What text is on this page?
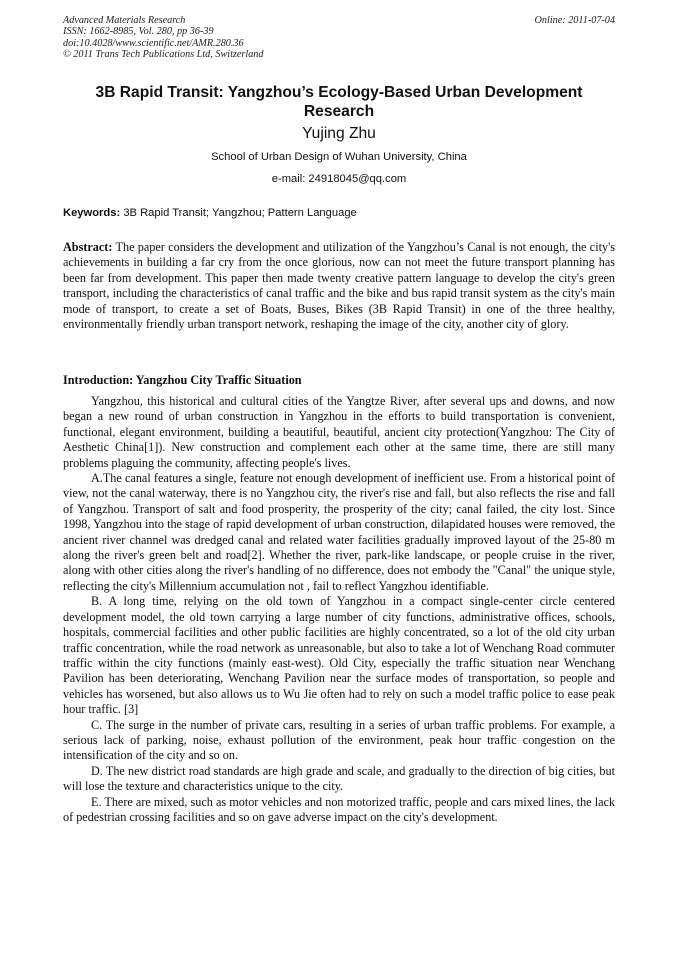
Advanced Materials Research
ISSN: 1662-8985, Vol. 280, pp 36-39
doi:10.4028/www.scientific.net/AMR.280.36
© 2011 Trans Tech Publications Ltd, Switzerland
Online: 2011-07-04
3B Rapid Transit: Yangzhou’s Ecology-Based Urban Development Research
Yujing Zhu
School of Urban Design of Wuhan University, China
e-mail: 24918045@qq.com
Keywords: 3B Rapid Transit; Yangzhou; Pattern Language
Abstract: The paper considers the development and utilization of the Yangzhou’s Canal is not enough, the city's achievements in building a far cry from the once glorious, now can not meet the future transport planning has been far from development. This paper then made twenty creative pattern language to develop the city's green transport, including the characteristics of canal traffic and the bike and bus rapid transit system as the city's main mode of transport, to create a set of Boats, Buses, Bikes (3B Rapid Transit) in one of the three healthy, environmentally friendly urban transport network, reshaping the image of the city, another city of glory.
Introduction: Yangzhou City Traffic Situation

Yangzhou, this historical and cultural cities of the Yangtze River, after several ups and downs, and now began a new round of urban construction in Yangzhou in the efforts to build transportation is convenient, functional, elegant environment, building a beautiful, beautiful, ancient city protection(Yangzhou: The City of Aesthetic China[1]). New construction and complement each other at the same time, there are still many problems plaguing the community, affecting people's lives.

A.The canal features a single, feature not enough development of inefficient use. From a historical point of view, not the canal waterway, there is no Yangzhou city, the river's rise and fall, but also reflects the rise and fall of Yangzhou. Transport of salt and food prosperity, the prosperity of the city; canal failed, the city lost. Since 1998, Yangzhou into the stage of rapid development of urban construction, dilapidated houses were removed, the ancient river channel was dredged canal and related water facilities gradually improved layout of the 25-80 m along the river's green belt and road[2]. Whether the river, park-like landscape, or people cruise in the river, along with other cities along the river's handling of no difference, does not embody the "Canal" the unique style, reflecting the city's Millennium accumulation not , fail to reflect Yangzhou identifiable.

B. A long time, relying on the old town of Yangzhou in a compact single-center circle centered development model, the old town carrying a large number of city functions, administrative offices, schools, hospitals, commercial facilities and other public facilities are highly concentrated, so a lot of the old city urban traffic concentration, while the road network as unreasonable, but also to take a lot of Wenchang Road commuter traffic within the city functions (mainly east-west). Old City, especially the traffic situation near Wenchang Pavilion has been deteriorating, Wenchang Pavilion near the surface modes of transportation, so people and vehicles has worsened, but also allows us to Wu Jie often had to rely on such a model traffic police to ease peak hour traffic. [3]

C. The surge in the number of private cars, resulting in a series of urban traffic problems. For example, a serious lack of parking, noise, exhaust pollution of the environment, peak hour traffic congestion on the intensification of the city and so on.

D. The new district road standards are high grade and scale, and gradually to the direction of big cities, but will lose the texture and characteristics unique to the city.

E. There are mixed, such as motor vehicles and non motorized traffic, people and cars mixed lines, the lack of pedestrian crossing facilities and so on gave adverse impact on the city's development.
